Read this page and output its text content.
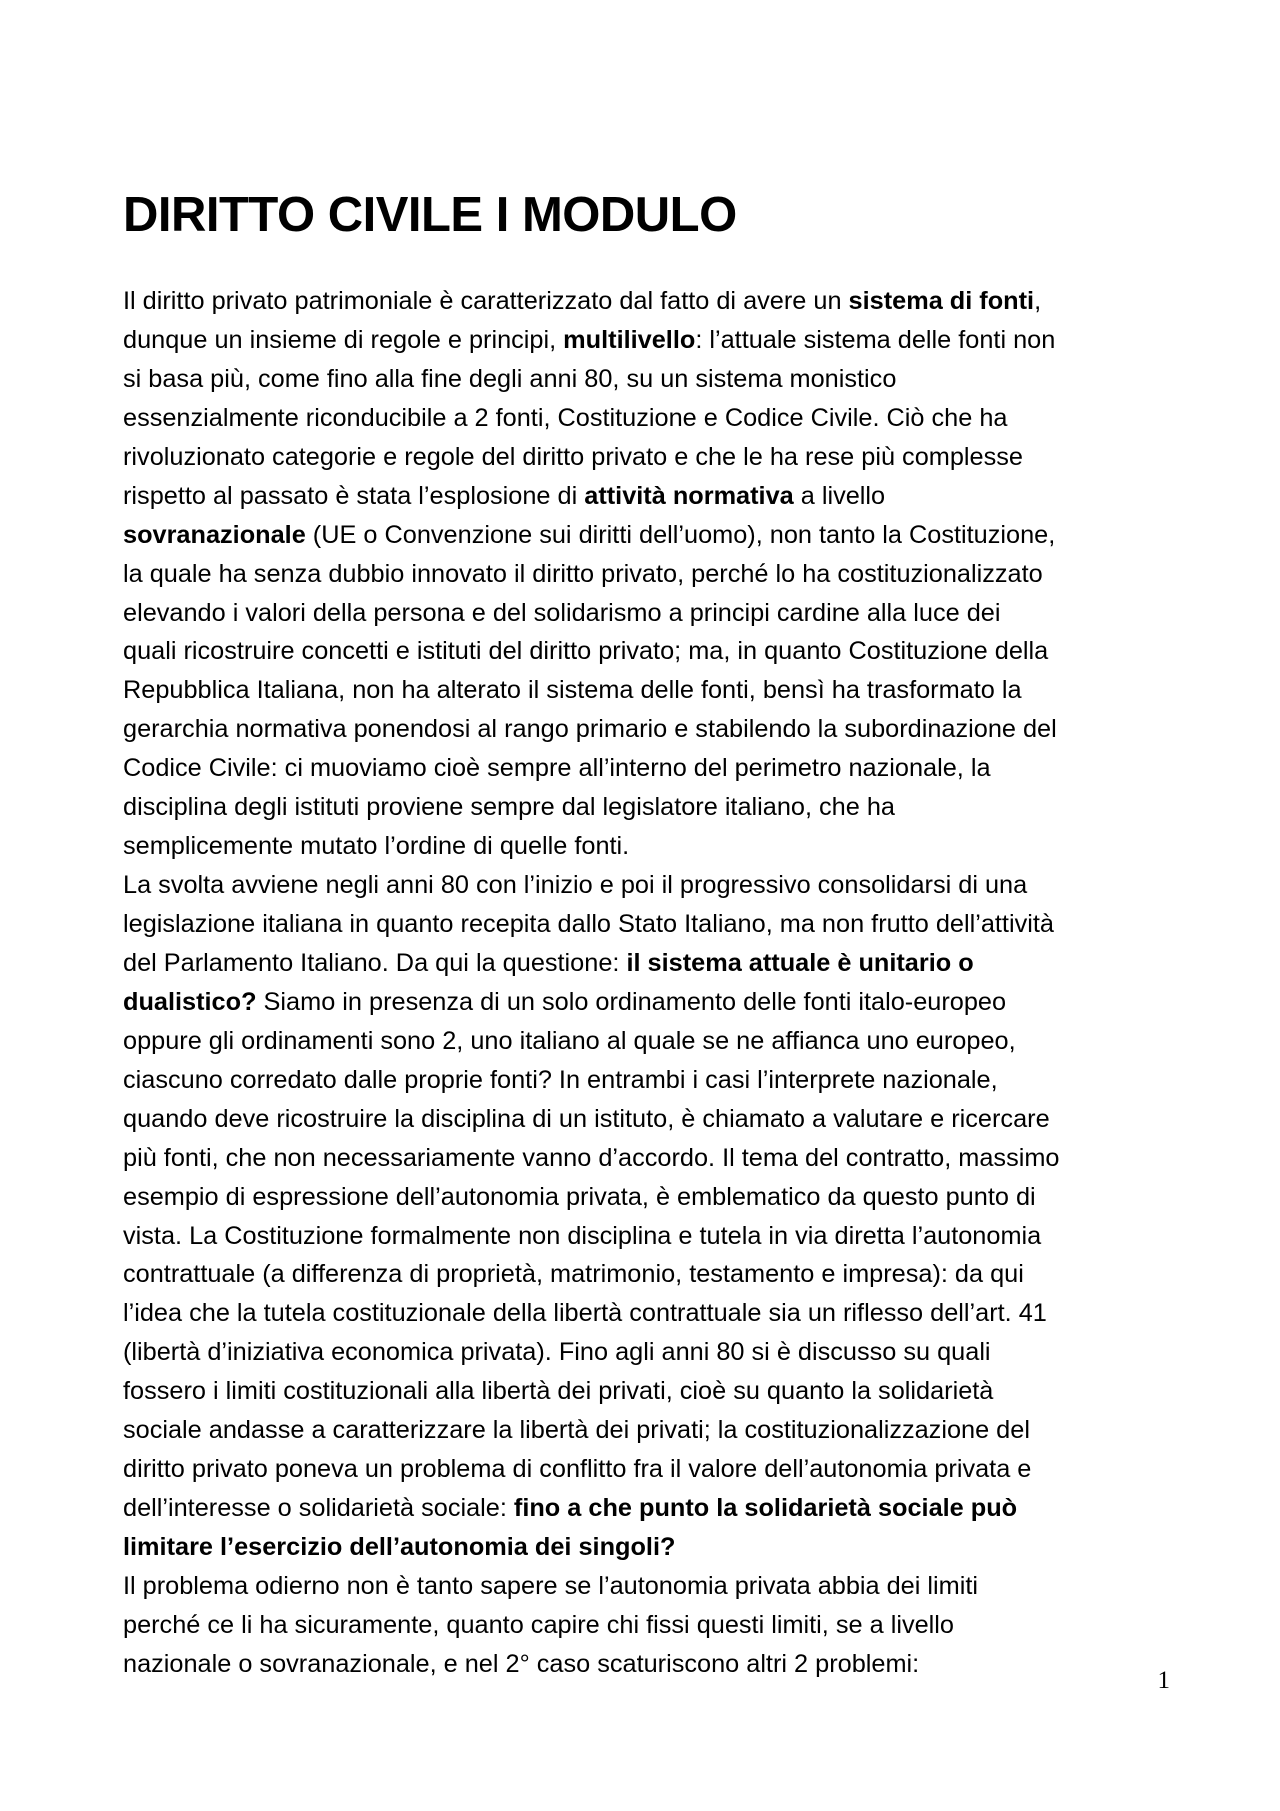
DIRITTO CIVILE I MODULO

Il diritto privato patrimoniale è caratterizzato dal fatto di avere un sistema di fonti,
dunque un insieme di regole e principi, multilivello: l’attuale sistema delle fonti non
si basa più, come fino alla fine degli anni 80, su un sistema monistico
essenzialmente riconducibile a 2 fonti, Costituzione e Codice Civile. Ciò che ha
rivoluzionato categorie e regole del diritto privato e che le ha rese più complesse
rispetto al passato è stata l’esplosione di attività normativa a livello
sovranazionale (UE o Convenzione sui diritti dell’uomo), non tanto la Costituzione,
la quale ha senza dubbio innovato il diritto privato, perché lo ha costituzionalizzato
elevando i valori della persona e del solidarismo a principi cardine alla luce dei
quali ricostruire concetti e istituti del diritto privato; ma, in quanto Costituzione della
Repubblica Italiana, non ha alterato il sistema delle fonti, bensì ha trasformato la
gerarchia normativa ponendosi al rango primario e stabilendo la subordinazione del
Codice Civile: ci muoviamo cioè sempre all’interno del perimetro nazionale, la
disciplina degli istituti proviene sempre dal legislatore italiano, che ha
semplicemente mutato l’ordine di quelle fonti.

La svolta avviene negli anni 80 con l’inizio e poi il progressivo consolidarsi di una
legislazione italiana in quanto recepita dallo Stato Italiano, ma non frutto dell’attività
del Parlamento Italiano. Da qui la questione: il sistema attuale è unitario o
dualistico? Siamo in presenza di un solo ordinamento delle fonti italo-europeo
oppure gli ordinamenti sono 2, uno italiano al quale se ne affianca uno europeo,
ciascuno corredato dalle proprie fonti? In entrambi i casi l’interprete nazionale,
quando deve ricostruire la disciplina di un istituto, è chiamato a valutare e ricercare
più fonti, che non necessariamente vanno d’accordo. Il tema del contratto, massimo
esempio di espressione dell’autonomia privata, è emblematico da questo punto di
vista. La Costituzione formalmente non disciplina e tutela in via diretta l’autonomia
contrattuale (a differenza di proprietà, matrimonio, testamento e impresa): da qui
l’idea che la tutela costituzionale della libertà contrattuale sia un riflesso dell’art. 41
(libertà d’iniziativa economica privata). Fino agli anni 80 si è discusso su quali
fossero i limiti costituzionali alla libertà dei privati, cioè su quanto la solidarietà
sociale andasse a caratterizzare la libertà dei privati; la costituzionalizzazione del
diritto privato poneva un problema di conflitto fra il valore dell’autonomia privata e
dell’interesse o solidarietà sociale: fino a che punto la solidarietà sociale può
limitare l’esercizio dell’autonomia dei singoli?

Il problema odierno non è tanto sapere se l’autonomia privata abbia dei limiti
perché ce li ha sicuramente, quanto capire chi fissi questi limiti, se a livello
nazionale o sovranazionale, e nel 2° caso scaturiscono altri 2 problemi:

1
